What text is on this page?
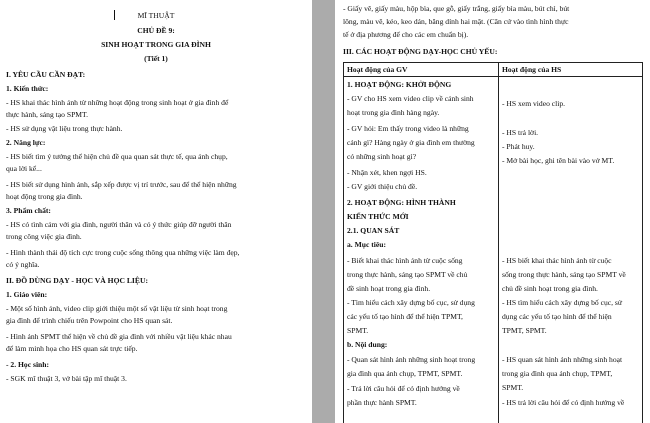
MĨ THUẬT
CHỦ ĐỀ 9:
SINH HOẠT TRONG GIA ĐÌNH
(Tiết 1)
I. YÊU CẦU CẦN ĐẠT:
1. Kiến thức:
- HS khai thác hình ảnh từ những hoạt động trong sinh hoạt ở gia đình để
thực hành, sáng tạo SPMT.
- HS sử dụng vật liệu trong thực hành.
2. Năng lực:
- HS biết tìm ý tưởng thể hiện chủ đề qua quan sát thực tế, qua ảnh chụp,
qua lời kể...
- HS biết sử dụng hình ảnh, sắp xếp được vị trí trước, sau để thể hiện những
hoạt động trong gia đình.
3. Phẩm chất:
- HS có tình cảm với gia đình, người thân và có ý thức giúp đỡ người thân
trong công việc gia đình.
- Hình thành thái độ tích cực trong cuộc sống thông qua những việc làm đẹp,
có ý nghĩa.
II. ĐỒ DÙNG DẠY - HỌC VÀ HỌC LIỆU:
1. Giáo viên:
- Một số hình ảnh, video clip giới thiệu một số vật liệu từ sinh hoạt trong
gia đình để trình chiếu trên Powpoint cho HS quan sát.
- Hình ảnh SPMT thể hiện về chủ đề gia đình với nhiều vật liệu khác nhau
để làm minh họa cho HS quan sát trực tiếp.
- 2. Học sinh:
- SGK mĩ thuật 3, vở bài tập mĩ thuật 3.
- Giấy vẽ, giấy màu, hộp bìa, que gỗ, giấy trắng, giấy bìa màu, bút chì, bút
lông, màu vẽ, kéo, keo dán, băng dính hai mặt. (Căn cứ vào tình hình thực
tế ở địa phương để cho các em chuẩn bị).
III. CÁC HOẠT ĐỘNG DẠY-HỌC CHỦ YẾU:
Hoạt động của GV	Hoạt động của HS
1. HOẠT ĐỘNG: KHỞI ĐỘNG
- GV cho HS xem video clip về cảnh sinh
hoạt trong gia đình hàng ngày.
- GV hỏi: Em thấy trong video là những
cảnh gì? Hàng ngày ở gia đình em thường
có những sinh hoạt gì?
- Nhận xét, khen ngợi HS.
- GV giới thiệu chủ đề.
2. HOẠT ĐỘNG: HÌNH THÀNH
KIẾN THỨC MỚI
2.1. QUAN SÁT
a. Mục tiêu:
- Biết khai thác hình ảnh từ cuộc sống
trong thực hành, sáng tạo SPMT về chủ
đề sinh hoạt trong gia đình.
- Tìm hiểu cách xây dựng bố cục, sử dụng
các yếu tố tạo hình để thể hiện TPMT,
SPMT.
b. Nội dung:
- Quan sát hình ảnh những sinh hoạt trong
gia đình qua ảnh chụp, TPMT, SPMT.
- Trả lời câu hỏi để có định hướng về
phần thực hành SPMT.
- HS xem video clip.
- HS trả lời.
- Phát huy.
- Mở bài học, ghi tên bài vào vở MT.
- HS biết khai thác hình ảnh từ cuộc
sống trong thực hành, sáng tạo SPMT về
chủ đề sinh hoạt trong gia đình.
- HS tìm hiểu cách xây dựng bố cục, sử
dụng các yếu tố tạo hình để thể hiện
TPMT, SPMT.
- HS quan sát hình ảnh những sinh hoạt
trong gia đình qua ảnh chụp, TPMT,
SPMT.
- HS trả lời câu hỏi để có định hướng về
